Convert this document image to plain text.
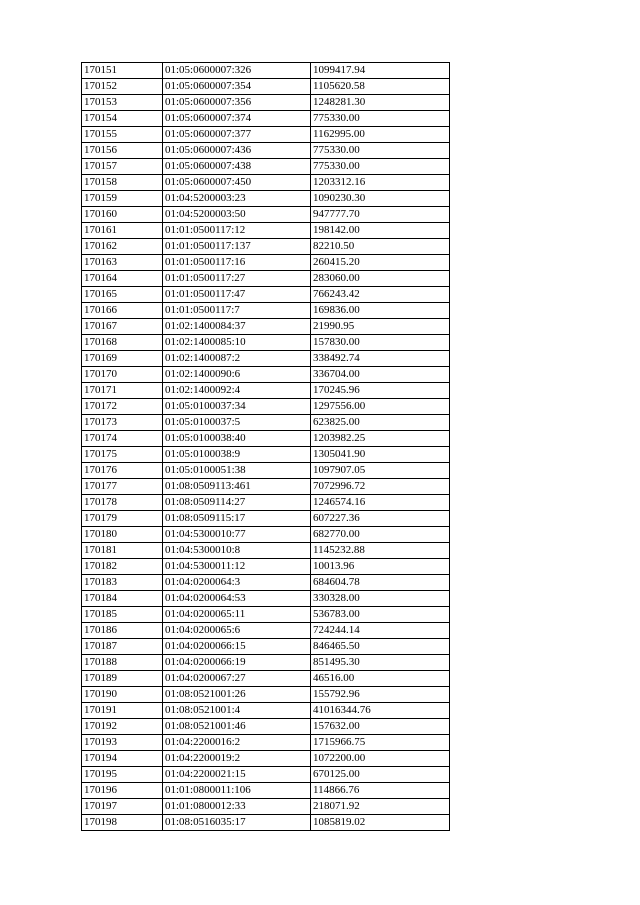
170151	01:05:0600007:326	1099417.94
170152	01:05:0600007:354	1105620.58
170153	01:05:0600007:356	1248281.30
170154	01:05:0600007:374	775330.00
170155	01:05:0600007:377	1162995.00
170156	01:05:0600007:436	775330.00
170157	01:05:0600007:438	775330.00
170158	01:05:0600007:450	1203312.16
170159	01:04:5200003:23	1090230.30
170160	01:04:5200003:50	947777.70
170161	01:01:0500117:12	198142.00
170162	01:01:0500117:137	82210.50
170163	01:01:0500117:16	260415.20
170164	01:01:0500117:27	283060.00
170165	01:01:0500117:47	766243.42
170166	01:01:0500117:7	169836.00
170167	01:02:1400084:37	21990.95
170168	01:02:1400085:10	157830.00
170169	01:02:1400087:2	338492.74
170170	01:02:1400090:6	336704.00
170171	01:02:1400092:4	170245.96
170172	01:05:0100037:34	1297556.00
170173	01:05:0100037:5	623825.00
170174	01:05:0100038:40	1203982.25
170175	01:05:0100038:9	1305041.90
170176	01:05:0100051:38	1097907.05
170177	01:08:0509113:461	7072996.72
170178	01:08:0509114:27	1246574.16
170179	01:08:0509115:17	607227.36
170180	01:04:5300010:77	682770.00
170181	01:04:5300010:8	1145232.88
170182	01:04:5300011:12	10013.96
170183	01:04:0200064:3	684604.78
170184	01:04:0200064:53	330328.00
170185	01:04:0200065:11	536783.00
170186	01:04:0200065:6	724244.14
170187	01:04:0200066:15	846465.50
170188	01:04:0200066:19	851495.30
170189	01:04:0200067:27	46516.00
170190	01:08:0521001:26	155792.96
170191	01:08:0521001:4	41016344.76
170192	01:08:0521001:46	157632.00
170193	01:04:2200016:2	1715966.75
170194	01:04:2200019:2	1072200.00
170195	01:04:2200021:15	670125.00
170196	01:01:0800011:106	114866.76
170197	01:01:0800012:33	218071.92
170198	01:08:0516035:17	1085819.02
